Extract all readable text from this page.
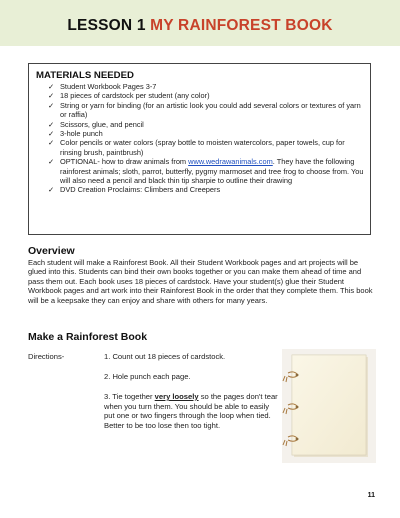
LESSON 1 MY RAINFOREST BOOK
MATERIALS NEEDED
✓ Student Workbook Pages 3-7
✓ 18 pieces of cardstock per student (any color)
✓ String or yarn for binding (for an artistic look you could add several colors or textures of yarn or raffia)
✓ Scissors, glue, and pencil
✓ 3-hole punch
✓ Color pencils or water colors (spray bottle to moisten watercolors, paper towels, cup for rinsing brush, paintbrush)
✓ OPTIONAL- how to draw animals from www.wedrawanimals.com. They have the following rainforest animals; sloth, parrot, butterfly, pygmy marmoset and tree frog to choose from. You will also need a pencil and black thin tip sharpie to outline their drawing
✓ DVD Creation Proclaims: Climbers and Creepers
Overview

Each student will make a Rainforest Book. All their Student Workbook pages and art projects will be glued into this. Students can bind their own books together or you can make them ahead of time and pass them out. Each book uses 18 pieces of cardstock. Have your student(s) glue their Student Workbook pages and art work into their Rainforest Book in the order that they complete them. This book will be a keepsake they can enjoy and share with others for many years.

Make a Rainforest Book
Directions-	1. Count out 18 pieces of cardstock.

2. Hole punch each page.

3. Tie together very loosely so the pages don't tear when you turn them. You should be able to easily put one or two fingers through the loop when tied. Better to be too lose then too tight.

11
